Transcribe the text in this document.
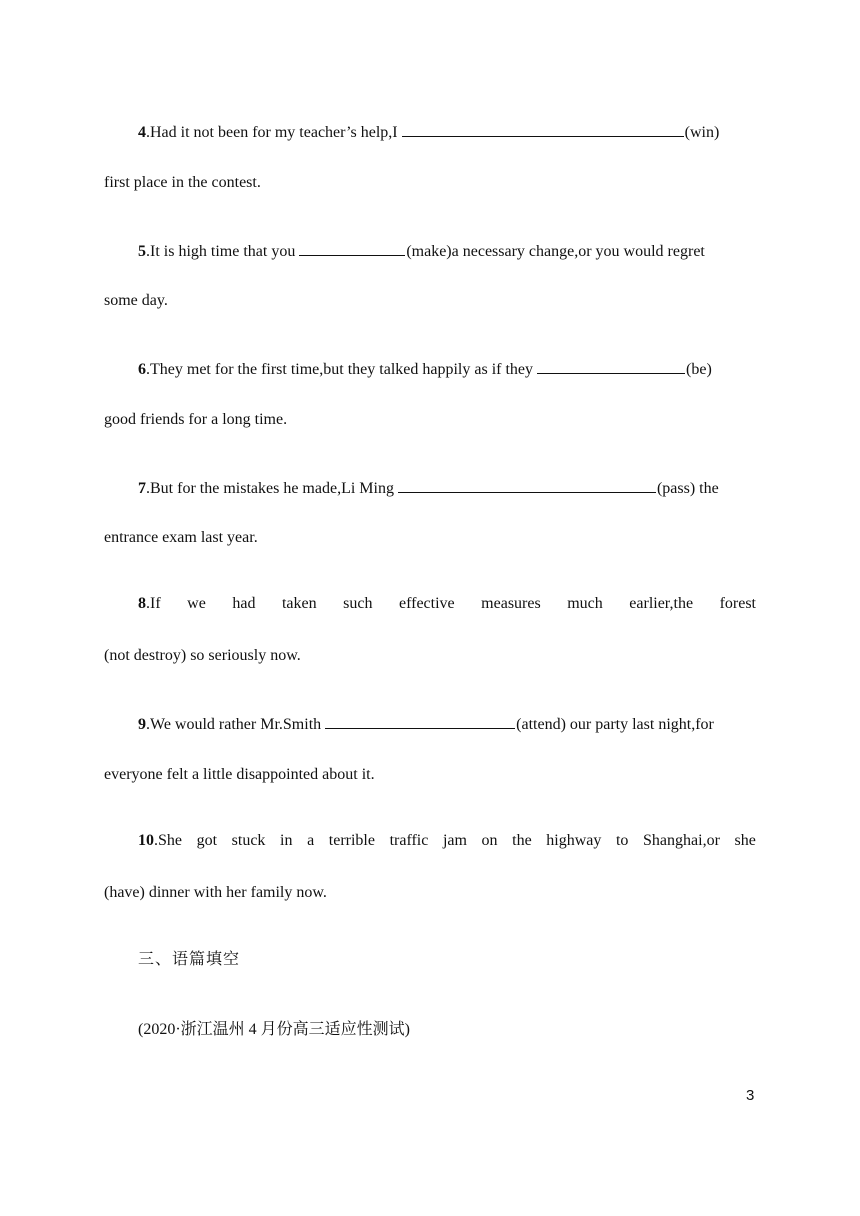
4.Had it not been for my teacher’s help,I	(win)
first place in the contest.
5.It is high time that you	(make)a necessary change,or you would regret
some day.
6.They met for the first time,but they talked happily as if they	(be)
good friends for a long time.
7.But for the mistakes he made,Li Ming	(pass) the
entrance exam last year.
8.If we had taken such effective measures much earlier,the forest
(not destroy) so seriously now.
9.We would rather Mr.Smith	(attend) our party last night,for
everyone felt a little disappointed about it.
10.She got stuck in a terrible traffic jam on the highway to Shanghai,or she
(have) dinner with her family now.
三、语篇填空
(2020·浙江温州 4 月份高三适应性测试)
3
